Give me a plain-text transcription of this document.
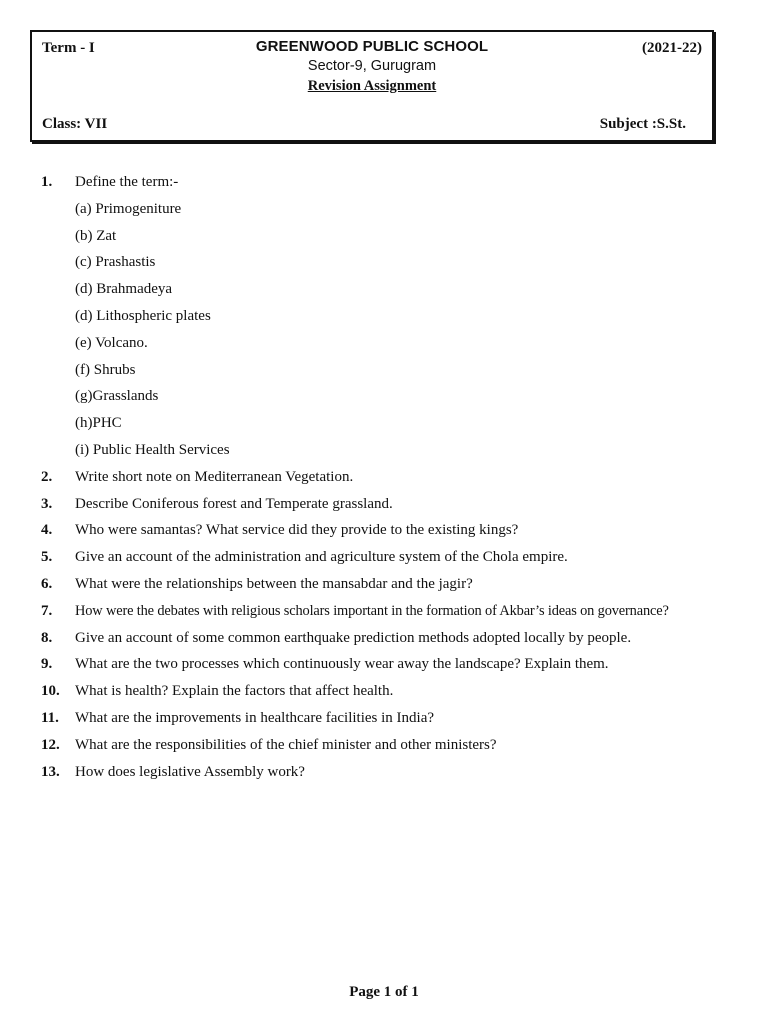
Term - I	GREENWOOD PUBLIC SCHOOL	(2021-22)
Sector-9, Gurugram
Revision Assignment
Class: VII	Subject :S.St.
1.	Define the term:-
(a) Primogeniture
(b) Zat
(c) Prashastis
(d) Brahmadeya
(d) Lithospheric plates
(e) Volcano.
(f) Shrubs
(g)Grasslands
(h)PHC
(i) Public Health Services
2.	Write short note on Mediterranean Vegetation.
3.	Describe Coniferous forest and Temperate grassland.
4.	Who were samantas? What service did they provide to the existing kings?
5.	Give an account of the administration and agriculture system of the Chola empire.
6.	What were the relationships between the mansabdar and the jagir?
7.	How were the debates with religious scholars important in the formation of Akbar’s ideas on governance?
8.	Give an account of some common earthquake prediction methods adopted locally by people.
9.	What are the two processes which continuously wear away the landscape? Explain them.
10.	What is health? Explain the factors that affect health.
11.	What are the improvements in healthcare facilities in India?
12.	What are the responsibilities of the chief minister and other ministers?
13.	How does legislative Assembly work?
Page 1 of 1
